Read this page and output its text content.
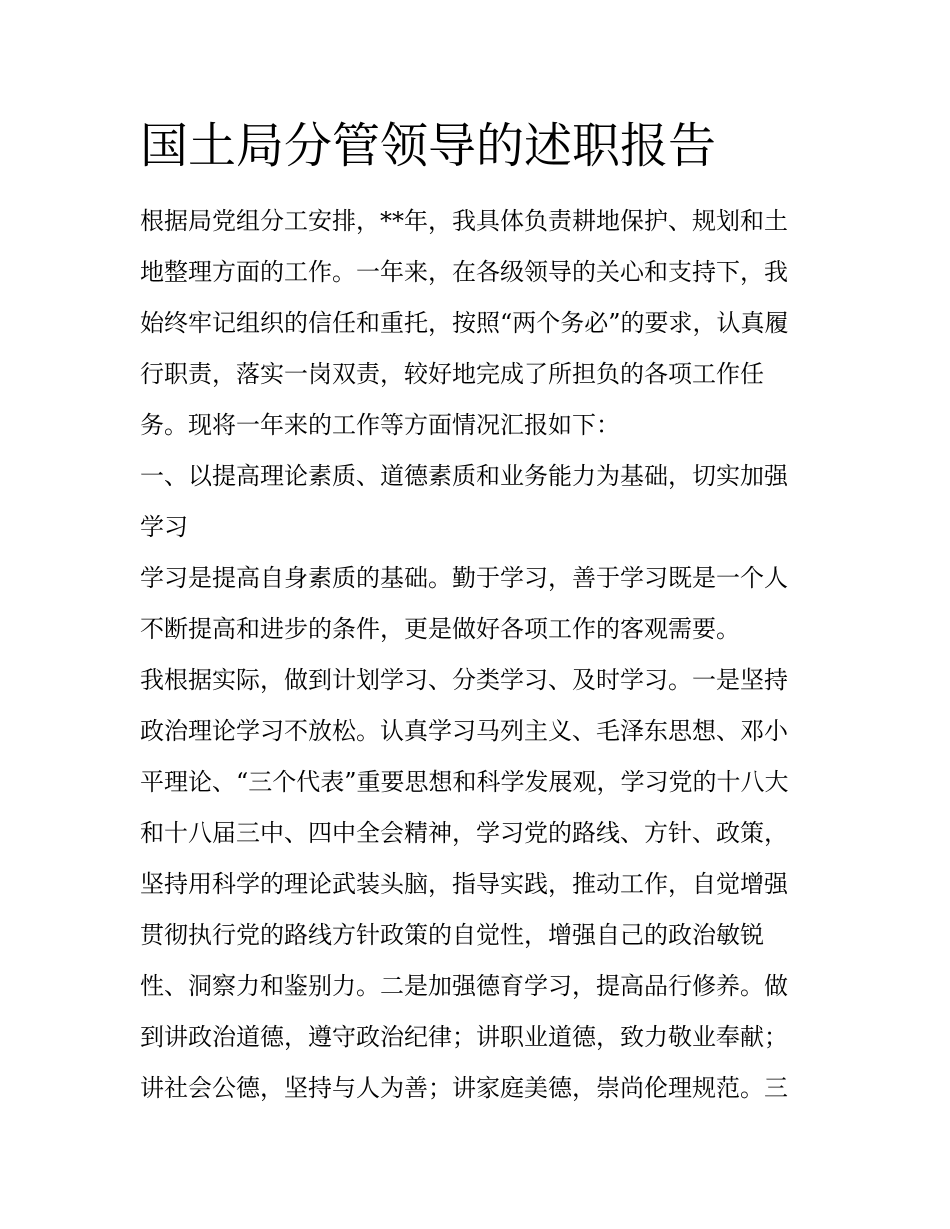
国土局分管领导的述职报告
根据局党组分工安排，**年，我具体负责耕地保护、规划和土
地整理方面的工作。一年来，在各级领导的关心和支持下，我
始终牢记组织的信任和重托，按照“两个务必”的要求，认真履
行职责，落实一岗双责，较好地完成了所担负的各项工作任
务。现将一年来的工作等方面情况汇报如下：
一、以提高理论素质、道德素质和业务能力为基础，切实加强
学习
学习是提高自身素质的基础。勤于学习，善于学习既是一个人
不断提高和进步的条件，更是做好各项工作的客观需要。
我根据实际，做到计划学习、分类学习、及时学习。一是坚持
政治理论学习不放松。认真学习马列主义、毛泽东思想、邓小
平理论、“三个代表”重要思想和科学发展观，学习党的十八大
和十八届三中、四中全会精神，学习党的路线、方针、政策，
坚持用科学的理论武装头脑，指导实践，推动工作，自觉增强
贯彻执行党的路线方针政策的自觉性，增强自己的政治敏锐
性、洞察力和鉴别力。二是加强德育学习，提高品行修养。做
到讲政治道德，遵守政治纪律；讲职业道德，致力敬业奉献；
讲社会公德，坚持与人为善；讲家庭美德，崇尚伦理规范。三
